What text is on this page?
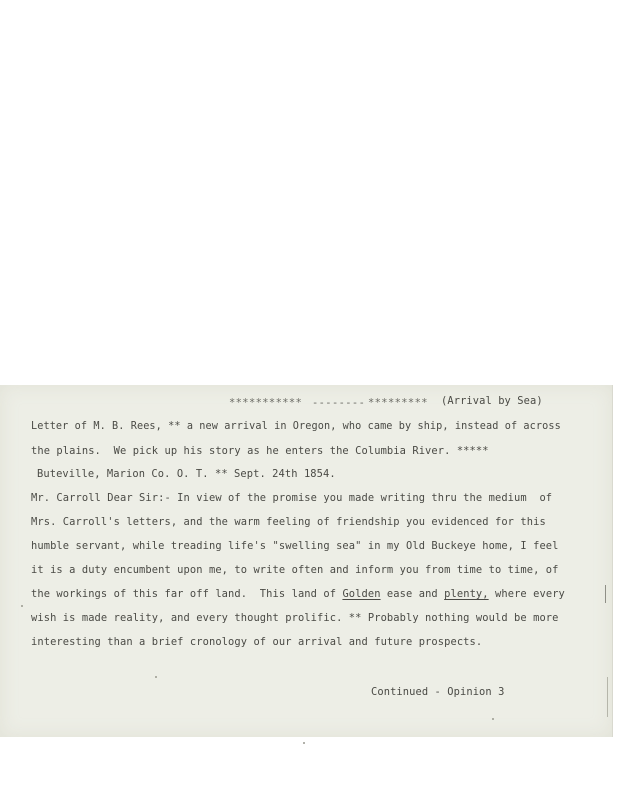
*********** -------- ********* (Arrival by Sea)
Letter of M. B. Rees, ** a new arrival in Oregon, who came by ship, instead of across
the plains.  We pick up his story as he enters the Columbia River. *****
Buteville, Marion Co. O. T. ** Sept. 24th 1854.
Mr. Carroll Dear Sir:- In view of the promise you made writing thru the medium  of
Mrs. Carroll's letters, and the warm feeling of friendship you evidenced for this
humble servant, while treading life's "swelling sea" in my Old Buckeye home, I feel
it is a duty encumbent upon me, to write often and inform you from time to time, of
the workings of this far off land.  This land of Golden ease and plenty, where every
wish is made reality, and every thought prolific. ** Probably nothing would be more
interesting than a brief cronology of our arrival and future prospects.
Continued - Opinion 3
